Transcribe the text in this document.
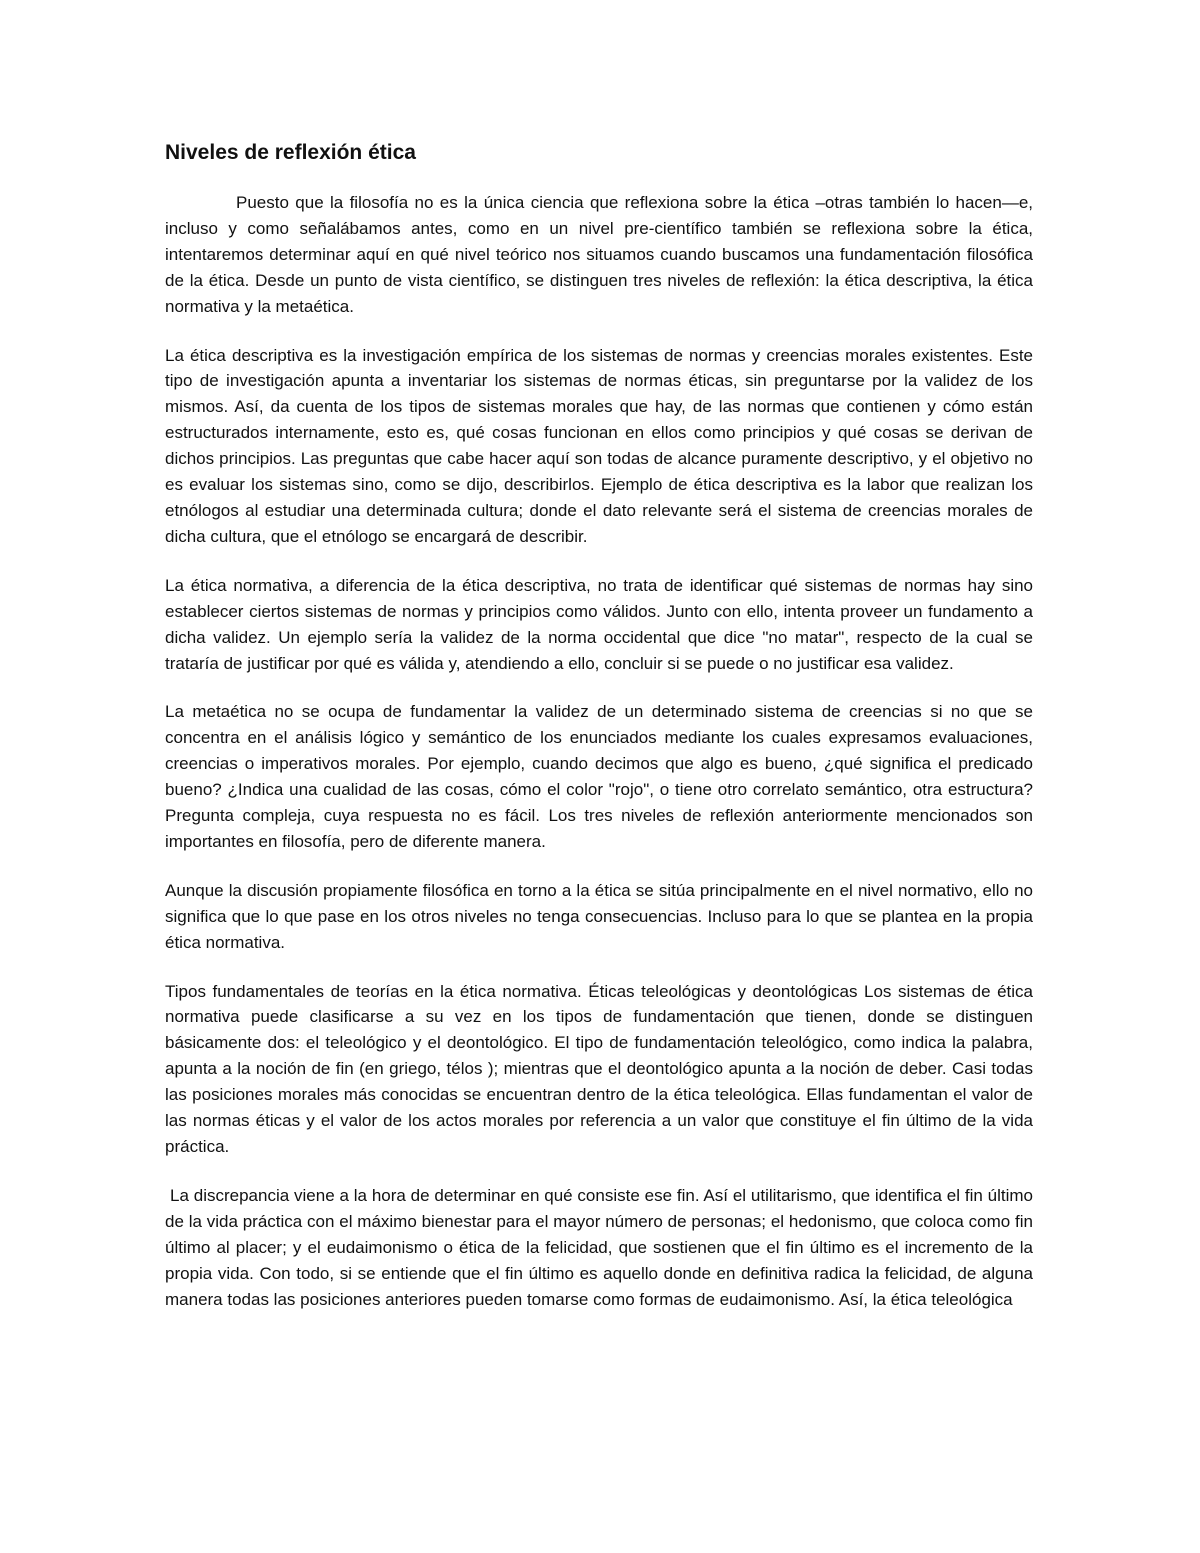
Niveles de reflexión ética

Puesto que la filosofía no es la única ciencia que reflexiona sobre la ética –otras también lo hacen—e, incluso y como señalábamos antes, como en un nivel pre-científico también se reflexiona sobre la ética, intentaremos determinar aquí en qué nivel teórico nos situamos cuando buscamos una fundamentación filosófica de la ética. Desde un punto de vista científico, se distinguen tres niveles de reflexión: la ética descriptiva, la ética normativa y la metaética.

La ética descriptiva es la investigación empírica de los sistemas de normas y creencias morales existentes. Este tipo de investigación apunta a inventariar los sistemas de normas éticas, sin preguntarse por la validez de los mismos. Así, da cuenta de los tipos de sistemas morales que hay, de las normas que contienen y cómo están estructurados internamente, esto es, qué cosas funcionan en ellos como principios y qué cosas se derivan de dichos principios. Las preguntas que cabe hacer aquí son todas de alcance puramente descriptivo, y el objetivo no es evaluar los sistemas sino, como se dijo, describirlos. Ejemplo de ética descriptiva es la labor que realizan los etnólogos al estudiar una determinada cultura; donde el dato relevante será el sistema de creencias morales de dicha cultura, que el etnólogo se encargará de describir.

La ética normativa, a diferencia de la ética descriptiva, no trata de identificar qué sistemas de normas hay sino establecer ciertos sistemas de normas y principios como válidos. Junto con ello, intenta proveer un fundamento a dicha validez. Un ejemplo sería la validez de la norma occidental que dice "no matar", respecto de la cual se trataría de justificar por qué es válida y, atendiendo a ello, concluir si se puede o no justificar esa validez.

La metaética no se ocupa de fundamentar la validez de un determinado sistema de creencias si no que se concentra en el análisis lógico y semántico de los enunciados mediante los cuales expresamos evaluaciones, creencias o imperativos morales. Por ejemplo, cuando decimos que algo es bueno, ¿qué significa el predicado bueno? ¿Indica una cualidad de las cosas, cómo el color "rojo", o tiene otro correlato semántico, otra estructura? Pregunta compleja, cuya respuesta no es fácil. Los tres niveles de reflexión anteriormente mencionados son importantes en filosofía, pero de diferente manera.

Aunque la discusión propiamente filosófica en torno a la ética se sitúa principalmente en el nivel normativo, ello no significa que lo que pase en los otros niveles no tenga consecuencias. Incluso para lo que se plantea en la propia ética normativa.

Tipos fundamentales de teorías en la ética normativa. Éticas teleológicas y deontológicas Los sistemas de ética normativa puede clasificarse a su vez en los tipos de fundamentación que tienen, donde se distinguen básicamente dos: el teleológico y el deontológico. El tipo de fundamentación teleológico, como indica la palabra, apunta a la noción de fin (en griego, télos ); mientras que el deontológico apunta a la noción de deber. Casi todas las posiciones morales más conocidas se encuentran dentro de la ética teleológica. Ellas fundamentan el valor de las normas éticas y el valor de los actos morales por referencia a un valor que constituye el fin último de la vida práctica.

La discrepancia viene a la hora de determinar en qué consiste ese fin. Así el utilitarismo, que identifica el fin último de la vida práctica con el máximo bienestar para el mayor número de personas; el hedonismo, que coloca como fin último al placer; y el eudaimonismo o ética de la felicidad, que sostienen que el fin último es el incremento de la propia vida. Con todo, si se entiende que el fin último es aquello donde en definitiva radica la felicidad, de alguna manera todas las posiciones anteriores pueden tomarse como formas de eudaimonismo. Así, la ética teleológica
